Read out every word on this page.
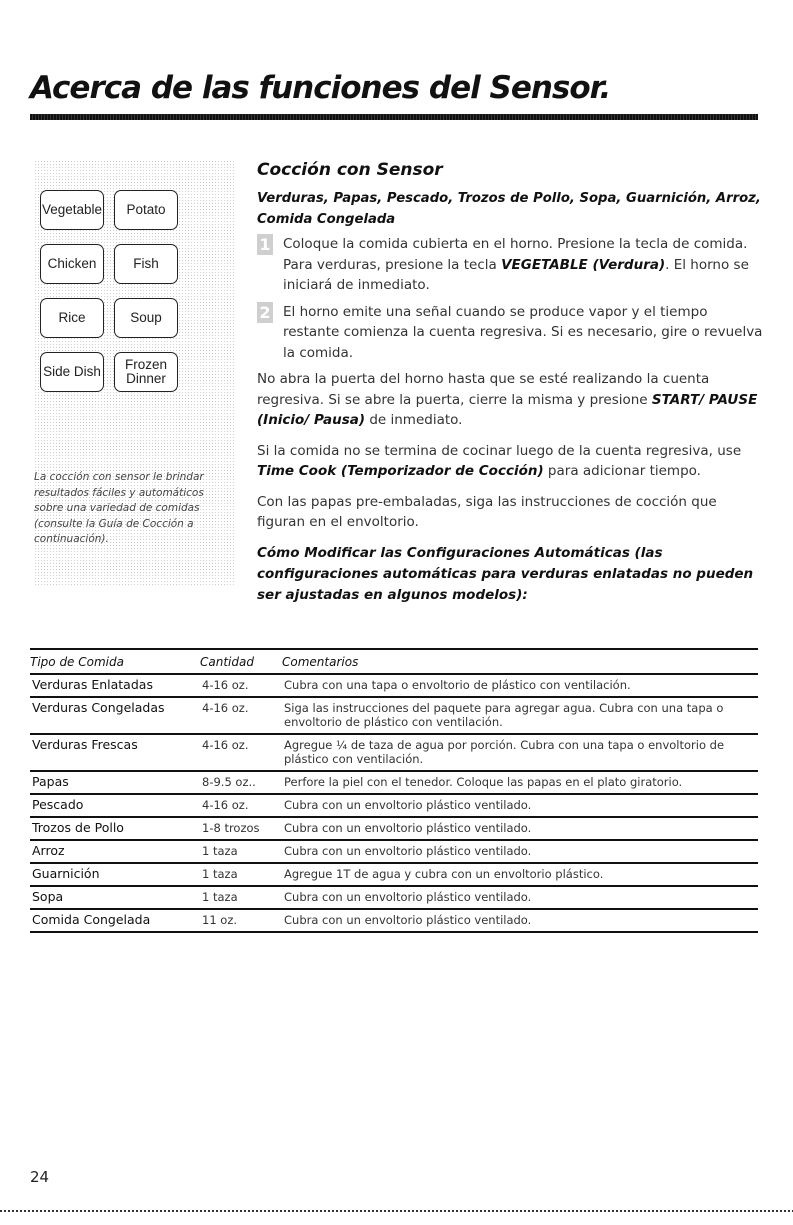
Acerca de las funciones del Sensor.
Vegetable	Potato
Chicken	Fish
Rice	Soup
Side Dish	Frozen
Dinner

La cocción con sensor le brindar resultados fáciles y automáticos sobre una variedad de comidas (consulte la Guía de Cocción a continuación).

Cocción con Sensor

Verduras, Papas, Pescado, Trozos de Pollo, Sopa, Guarnición, Arroz, Comida Congelada

1 Coloque la comida cubierta en el horno. Presione la tecla de comida. Para verduras, presione la tecla VEGETABLE (Verdura). El horno se iniciará de inmediato.
2 El horno emite una señal cuando se produce vapor y el tiempo restante comienza la cuenta regresiva. Si es necesario, gire o revuelva la comida.

No abra la puerta del horno hasta que se esté realizando la cuenta regresiva. Si se abre la puerta, cierre la misma y presione START/ PAUSE (Inicio/ Pausa) de inmediato.

Si la comida no se termina de cocinar luego de la cuenta regresiva, use Time Cook (Temporizador de Cocción) para adicionar tiempo.

Con las papas pre-embaladas, siga las instrucciones de cocción que figuran en el envoltorio.

Cómo Modificar las Configuraciones Automáticas (las configuraciones automáticas para verduras enlatadas no pueden ser ajustadas en algunos modelos):

Tipo de Comida	Cantidad	Comentarios
Verduras Enlatadas	4-16 oz.	Cubra con una tapa o envoltorio de plástico con ventilación.
Verduras Congeladas	4-16 oz.	Siga las instrucciones del paquete para agregar agua. Cubra con una tapa o envoltorio de plástico con ventilación.
Verduras Frescas	4-16 oz.	Agregue ¼ de taza de agua por porción. Cubra con una tapa o envoltorio de plástico con ventilación.
Papas	8-9.5 oz..	Perfore la piel con el tenedor. Coloque las papas en el plato giratorio.
Pescado	4-16 oz.	Cubra con un envoltorio plástico ventilado.
Trozos de Pollo	1-8 trozos	Cubra con un envoltorio plástico ventilado.
Arroz	1 taza	Cubra con un envoltorio plástico ventilado.
Guarnición	1 taza	Agregue 1T de agua y cubra con un envoltorio plástico.
Sopa	1 taza	Cubra con un envoltorio plástico ventilado.
Comida Congelada	11 oz.	Cubra con un envoltorio plástico ventilado.

24
